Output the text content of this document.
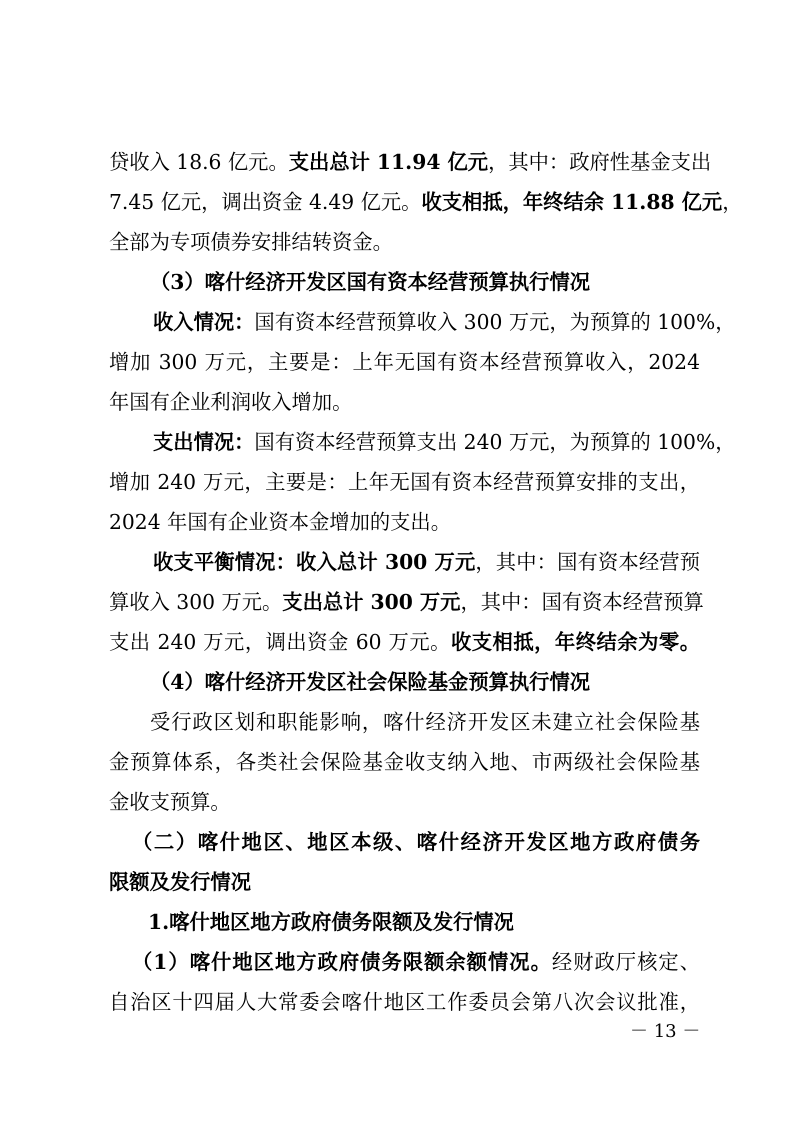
贷收入 18.6 亿元。支出总计 11.94 亿元，其中：政府性基金支出
7.45 亿元，调出资金 4.49 亿元。收支相抵，年终结余 11.88 亿元，
全部为专项债券安排结转资金。
（3）喀什经济开发区国有资本经营预算执行情况
收入情况：国有资本经营预算收入 300 万元，为预算的 100%，
增加 300 万元，主要是：上年无国有资本经营预算收入，2024
年国有企业利润收入增加。
支出情况：国有资本经营预算支出 240 万元，为预算的 100%，
增加 240 万元，主要是：上年无国有资本经营预算安排的支出，
2024 年国有企业资本金增加的支出。
收支平衡情况：收入总计 300 万元，其中：国有资本经营预
算收入 300 万元。支出总计 300 万元，其中：国有资本经营预算
支出 240 万元，调出资金 60 万元。收支相抵，年终结余为零。
（4）喀什经济开发区社会保险基金预算执行情况
受行政区划和职能影响，喀什经济开发区未建立社会保险基
金预算体系，各类社会保险基金收支纳入地、市两级社会保险基
金收支预算。
（二）喀什地区、地区本级、喀什经济开发区地方政府债务
限额及发行情况
1.喀什地区地方政府债务限额及发行情况
（1）喀什地区地方政府债务限额余额情况。经财政厅核定、
自治区十四届人大常委会喀什地区工作委员会第八次会议批准，
－ 13 －
